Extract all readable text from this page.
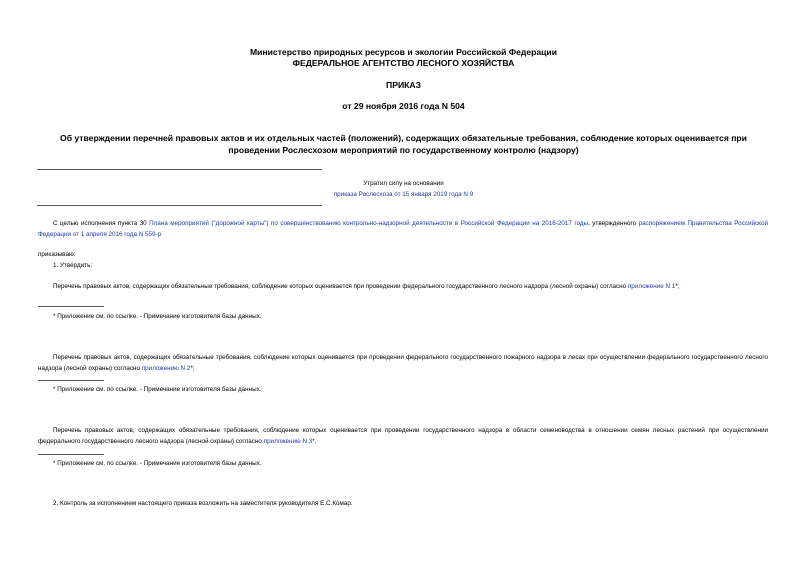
Министерство природных ресурсов и экологии Российской Федерации
ФЕДЕРАЛЬНОЕ АГЕНТСТВО ЛЕСНОГО ХОЗЯЙСТВА
ПРИКАЗ
от 29 ноября 2016 года N 504
Об утверждении перечней правовых актов и их отдельных частей (положений), содержащих обязательные требования, соблюдение которых оценивается при проведении Рослесхозом мероприятий по государственному контролю (надзору)
Утратил силу на основании
приказа Рослесхоза от 15 января 2019 года N 9
С целью исполнения пункта 30 Плана мероприятий ("дорожной карты") по совершенствованию контрольно-надзорной деятельности в Российской Федерации на 2016-2017 годы, утвержденного распоряжением Правительства Российской Федерации от 1 апреля 2016 года N 559-р
приказываю:
1. Утвердить:
Перечень правовых актов, содержащих обязательные требования, соблюдение которых оценивается при проведении федерального государственного лесного надзора (лесной охраны) согласно приложение N 1*;
* Приложение см. по ссылке. - Примечание изготовителя базы данных.
Перечень правовых актов, содержащих обязательные требования, соблюдение которых оценивается при проведении федерального государственного пожарного надзора в лесах при осуществлении федерального государственного лесного надзора (лесной охраны) согласно приложению N 2*;
* Приложение см. по ссылке. - Примечание изготовителя базы данных.
Перечень правовых актов, содержащих обязательные требования, соблюдение которых оценивается при проведении государственного надзора в области семеноводства в отношении семян лесных растений при осуществлении федерального государственного лесного надзора (лесной охраны) согласно приложению N 3*.
* Приложение см. по ссылке. - Примечание изготовителя базы данных.
2. Контроль за исполнением настоящего приказа возложить на заместителя руководителя Е.С.Комар.
